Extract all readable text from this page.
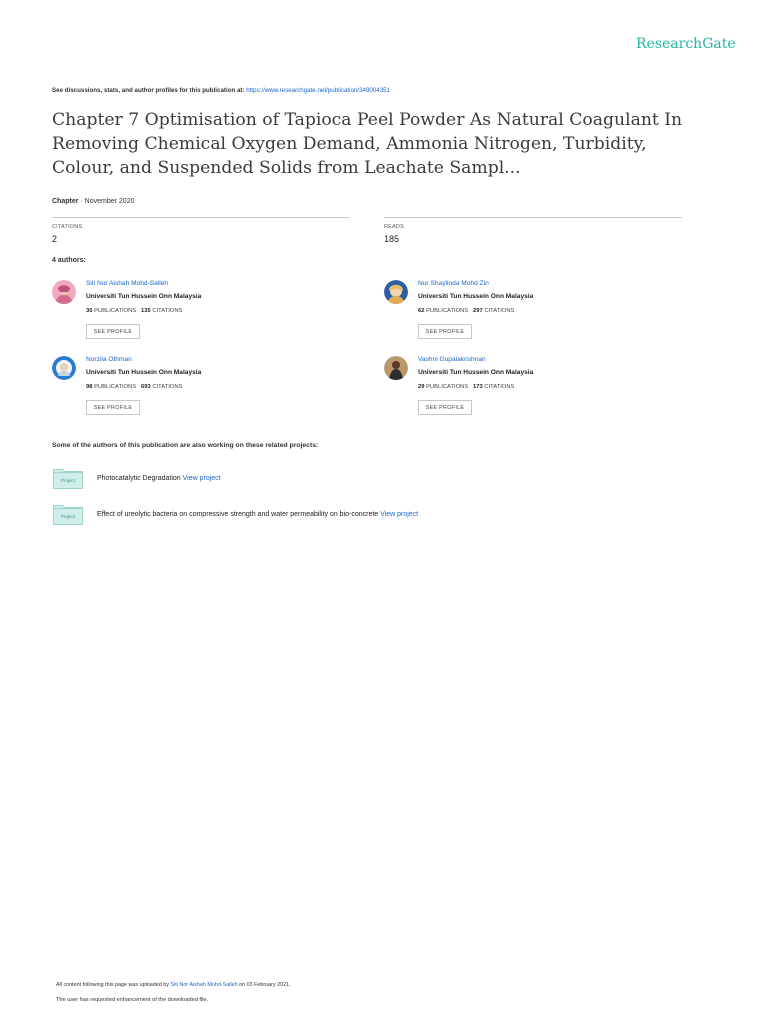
ResearchGate
See discussions, stats, and author profiles for this publication at: https://www.researchgate.net/publication/349004351
Chapter 7 Optimisation of Tapioca Peel Powder As Natural Coagulant In Removing Chemical Oxygen Demand, Ammonia Nitrogen, Turbidity, Colour, and Suspended Solids from Leachate Sampl...
Chapter · November 2020
CITATIONS
2
READS
185
4 authors:
Siti Nor Aishah Mohd-Salleh
Universiti Tun Hussein Onn Malaysia
30 PUBLICATIONS 135 CITATIONS
SEE PROFILE
Nur Shaylinda Mohd Zin
Universiti Tun Hussein Onn Malaysia
62 PUBLICATIONS 297 CITATIONS
SEE PROFILE
Norzila Othman
Universiti Tun Hussein Onn Malaysia
98 PUBLICATIONS 693 CITATIONS
SEE PROFILE
Vashni Gopalakrishnan
Universiti Tun Hussein Onn Malaysia
29 PUBLICATIONS 173 CITATIONS
SEE PROFILE
Some of the authors of this publication are also working on these related projects:
Project	Photocatalytic Degradation View project
Project	Effect of ureolytic bacteria on compressive strength and water permeability on bio-concrete View project
All content following this page was uploaded by Siti Nor Aishah Mohd-Salleh on 03 February 2021.
The user has requested enhancement of the downloaded file.
